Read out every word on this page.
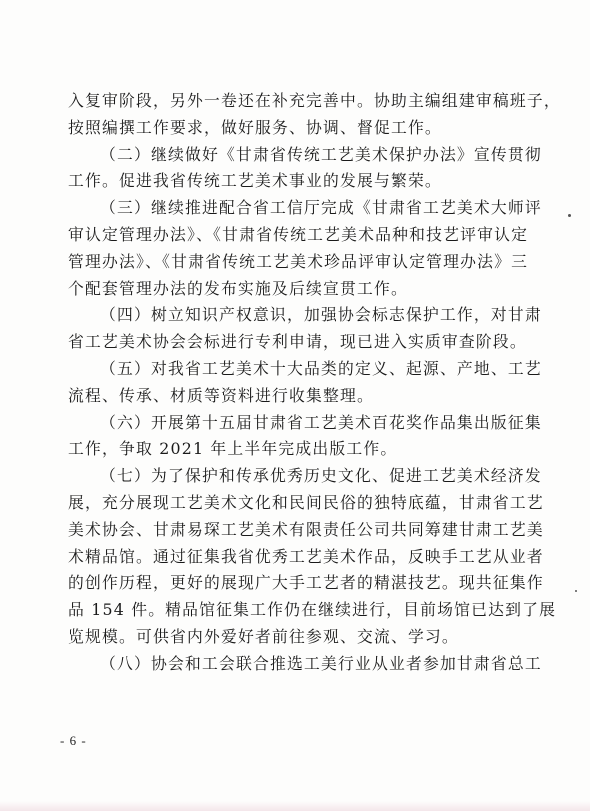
入复审阶段，另外一卷还在补充完善中。协助主编组建审稿班子，
按照编撰工作要求，做好服务、协调、督促工作。
（二）继续做好《甘肃省传统工艺美术保护办法》宣传贯彻
工作。促进我省传统工艺美术事业的发展与繁荣。
（三）继续推进配合省工信厅完成《甘肃省工艺美术大师评
审认定管理办法》、《甘肃省传统工艺美术品种和技艺评审认定
管理办法》、《甘肃省传统工艺美术珍品评审认定管理办法》三
个配套管理办法的发布实施及后续宣贯工作。
（四）树立知识产权意识，加强协会标志保护工作，对甘肃
省工艺美术协会会标进行专利申请，现已进入实质审查阶段。
（五）对我省工艺美术十大品类的定义、起源、产地、工艺
流程、传承、材质等资料进行收集整理。
（六）开展第十五届甘肃省工艺美术百花奖作品集出版征集
工作，争取 2021 年上半年完成出版工作。
（七）为了保护和传承优秀历史文化、促进工艺美术经济发
展，充分展现工艺美术文化和民间民俗的独特底蕴，甘肃省工艺
美术协会、甘肃易琛工艺美术有限责任公司共同筹建甘肃工艺美
术精品馆。通过征集我省优秀工艺美术作品，反映手工艺从业者
的创作历程，更好的展现广大手工艺者的精湛技艺。现共征集作
品 154 件。精品馆征集工作仍在继续进行，目前场馆已达到了展
览规模。可供省内外爱好者前往参观、交流、学习。
（八）协会和工会联合推选工美行业从业者参加甘肃省总工
- 6 -
